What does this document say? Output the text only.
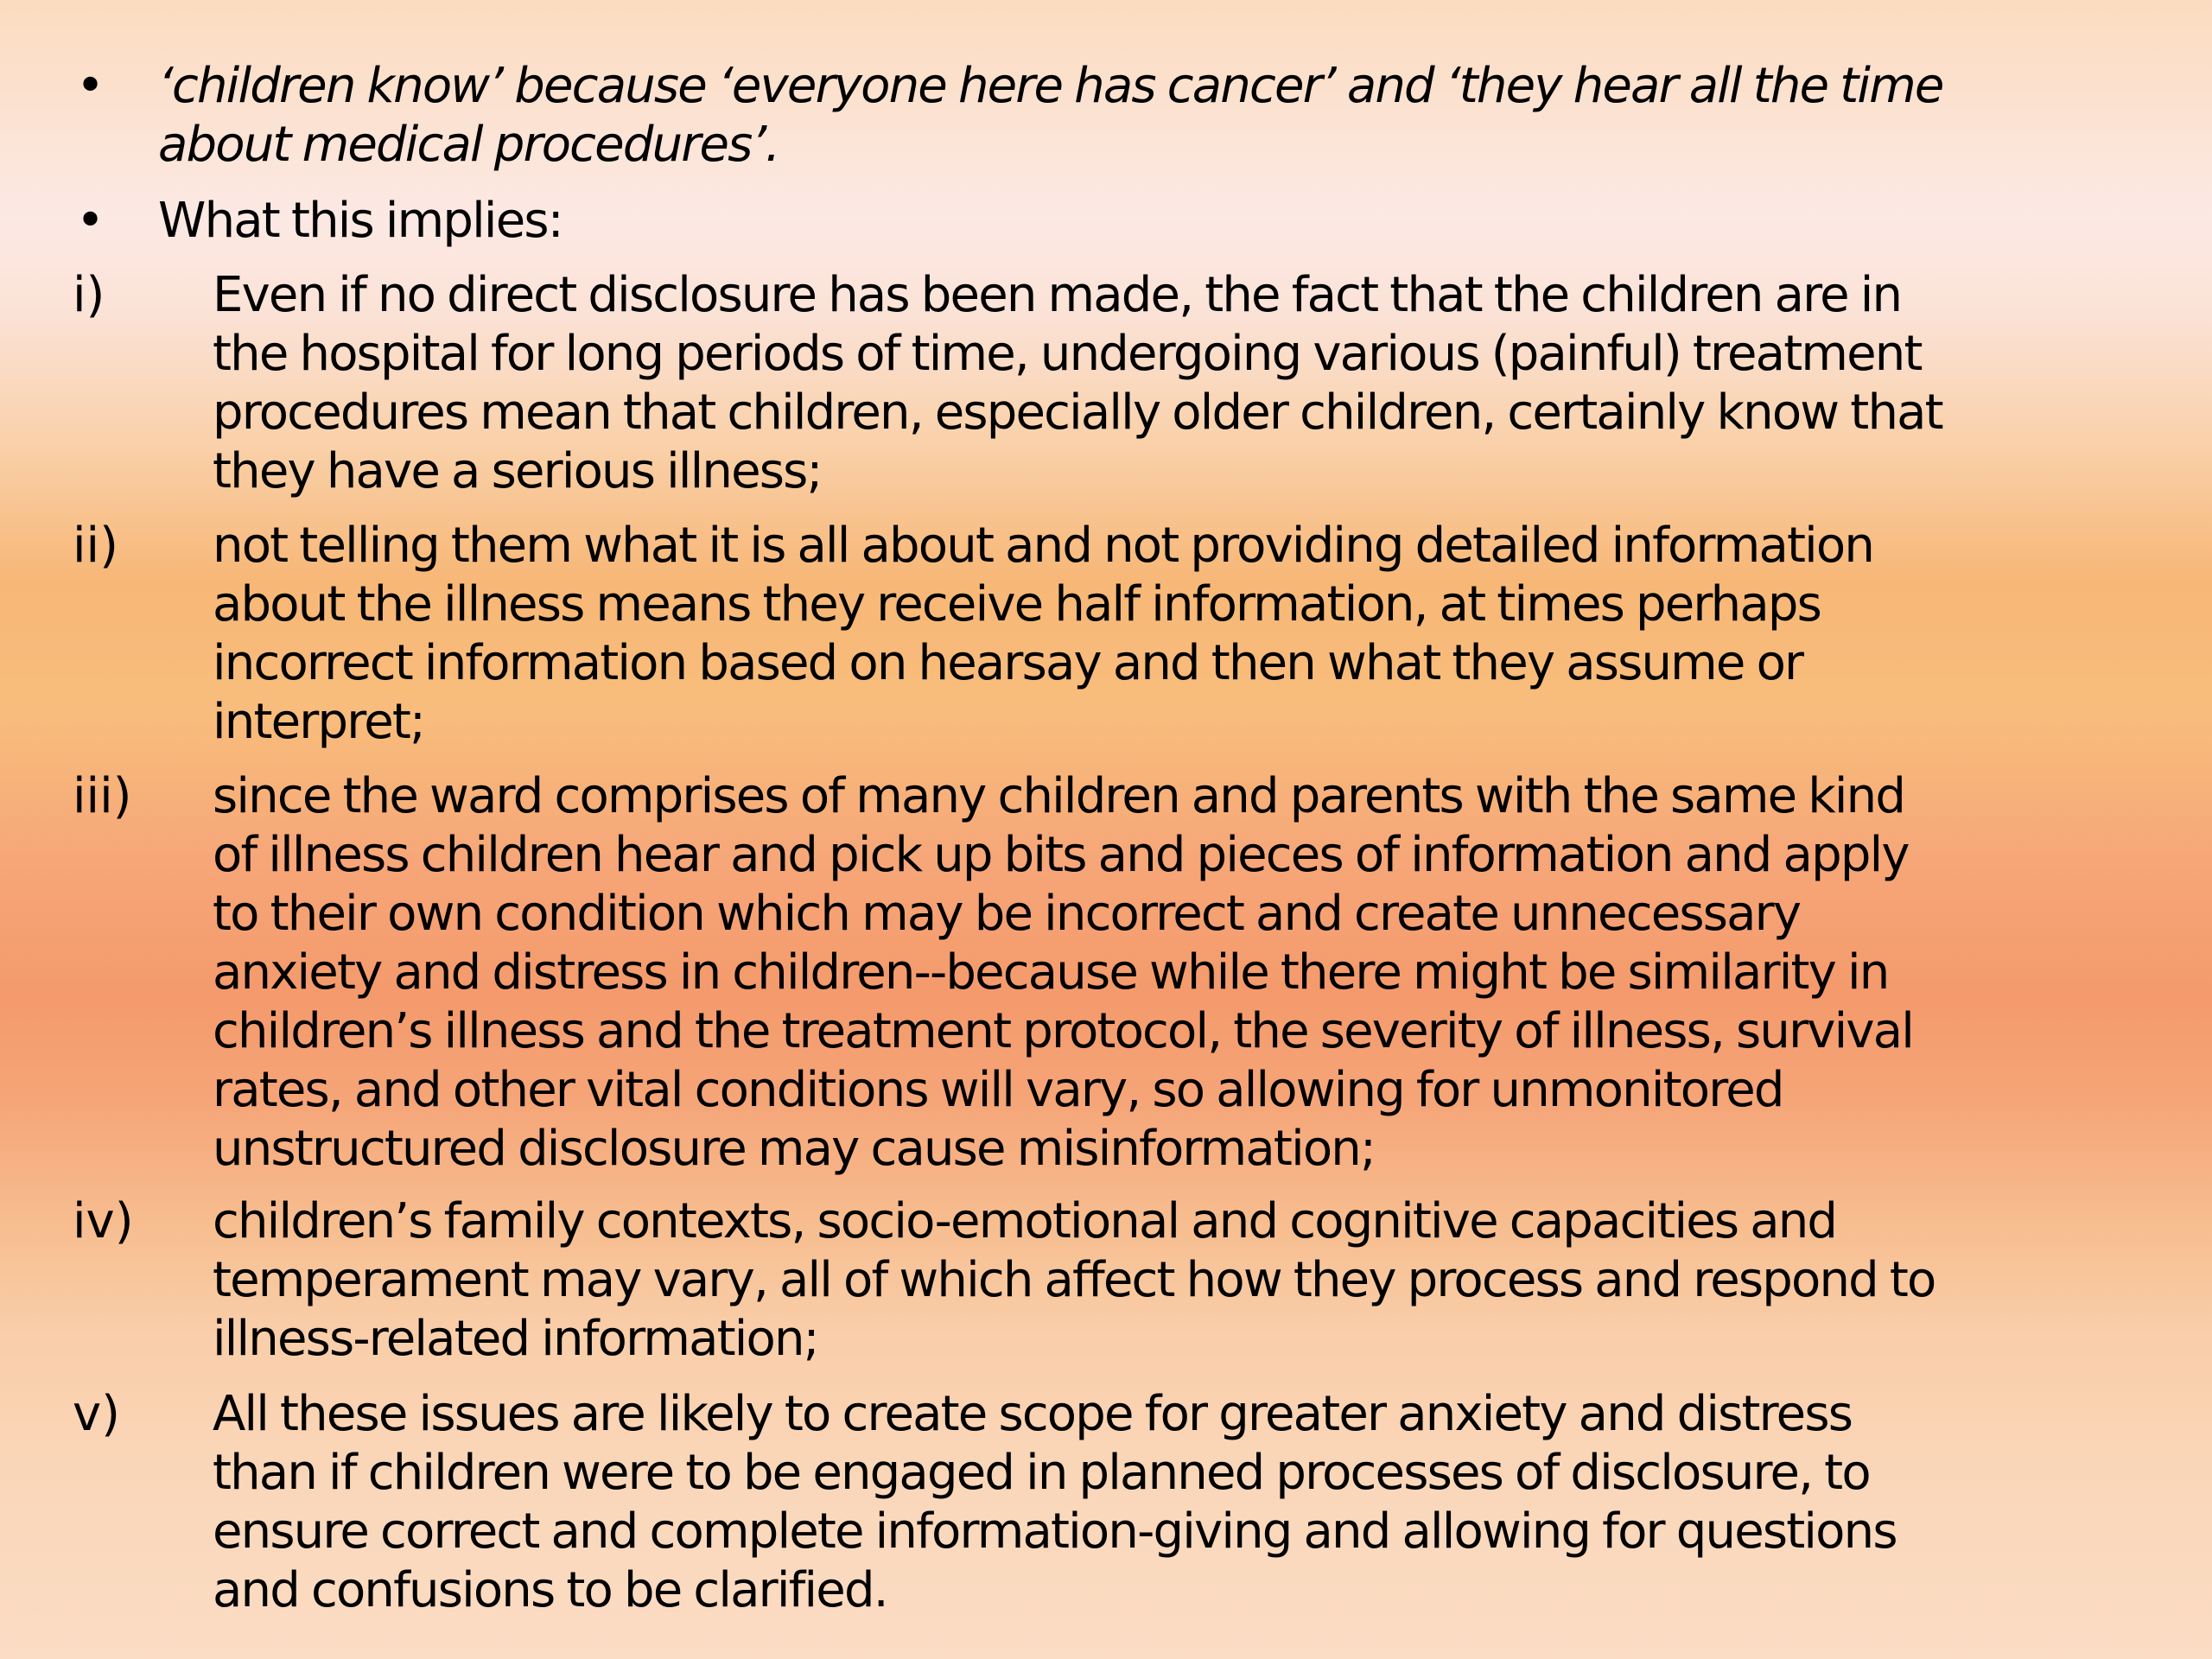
• ‘children know’ because ‘everyone here has cancer’ and ‘they hear all the time
about medical procedures’.
• What this implies:
i) Even if no direct disclosure has been made, the fact that the children are in
the hospital for long periods of time, undergoing various (painful) treatment
procedures mean that children, especially older children, certainly know that
they have a serious illness;
ii) not telling them what it is all about and not providing detailed information
about the illness means they receive half information, at times perhaps
incorrect information based on hearsay and then what they assume or
interpret;
iii) since the ward comprises of many children and parents with the same kind
of illness children hear and pick up bits and pieces of information and apply
to their own condition which may be incorrect and create unnecessary
anxiety and distress in children--because while there might be similarity in
children’s illness and the treatment protocol, the severity of illness, survival
rates, and other vital conditions will vary, so allowing for unmonitored
unstructured disclosure may cause misinformation;
iv) children’s family contexts, socio-emotional and cognitive capacities and
temperament may vary, all of which affect how they process and respond to
illness-related information;
v) All these issues are likely to create scope for greater anxiety and distress
than if children were to be engaged in planned processes of disclosure, to
ensure correct and complete information-giving and allowing for questions
and confusions to be clarified.
